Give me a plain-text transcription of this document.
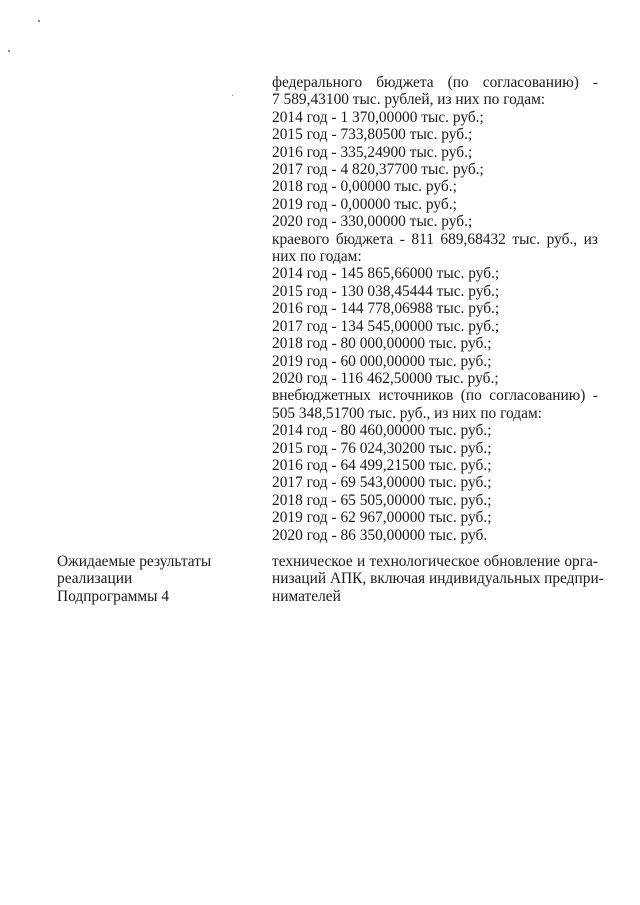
федерального бюджета (по согласованию) -
7 589,43100 тыс. рублей, из них по годам:
2014 год - 1 370,00000 тыс. руб.;
2015 год - 733,80500 тыс. руб.;
2016 год - 335,24900 тыс. руб.;
2017 год - 4 820,37700 тыс. руб.;
2018 год - 0,00000 тыс. руб.;
2019 год - 0,00000 тыс. руб.;
2020 год - 330,00000 тыс. руб.;
краевого бюджета - 811 689,68432 тыс. руб., из
них по годам:
2014 год - 145 865,66000 тыс. руб.;
2015 год - 130 038,45444 тыс. руб.;
2016 год - 144 778,06988 тыс. руб.;
2017 год - 134 545,00000 тыс. руб.;
2018 год - 80 000,00000 тыс. руб.;
2019 год - 60 000,00000 тыс. руб.;
2020 год - 116 462,50000 тыс. руб.;
внебюджетных источников (по согласованию) -
505 348,51700 тыс. руб., из них по годам:
2014 год - 80 460,00000 тыс. руб.;
2015 год - 76 024,30200 тыс. руб.;
2016 год - 64 499,21500 тыс. руб.;
2017 год - 69 543,00000 тыс. руб.;
2018 год - 65 505,00000 тыс. руб.;
2019 год - 62 967,00000 тыс. руб.;
2020 год - 86 350,00000 тыс. руб.
Ожидаемые результаты
реализации
Подпрограммы 4
техническое и технологическое обновление орга-
низаций АПК, включая индивидуальных предпри-
нимателей
